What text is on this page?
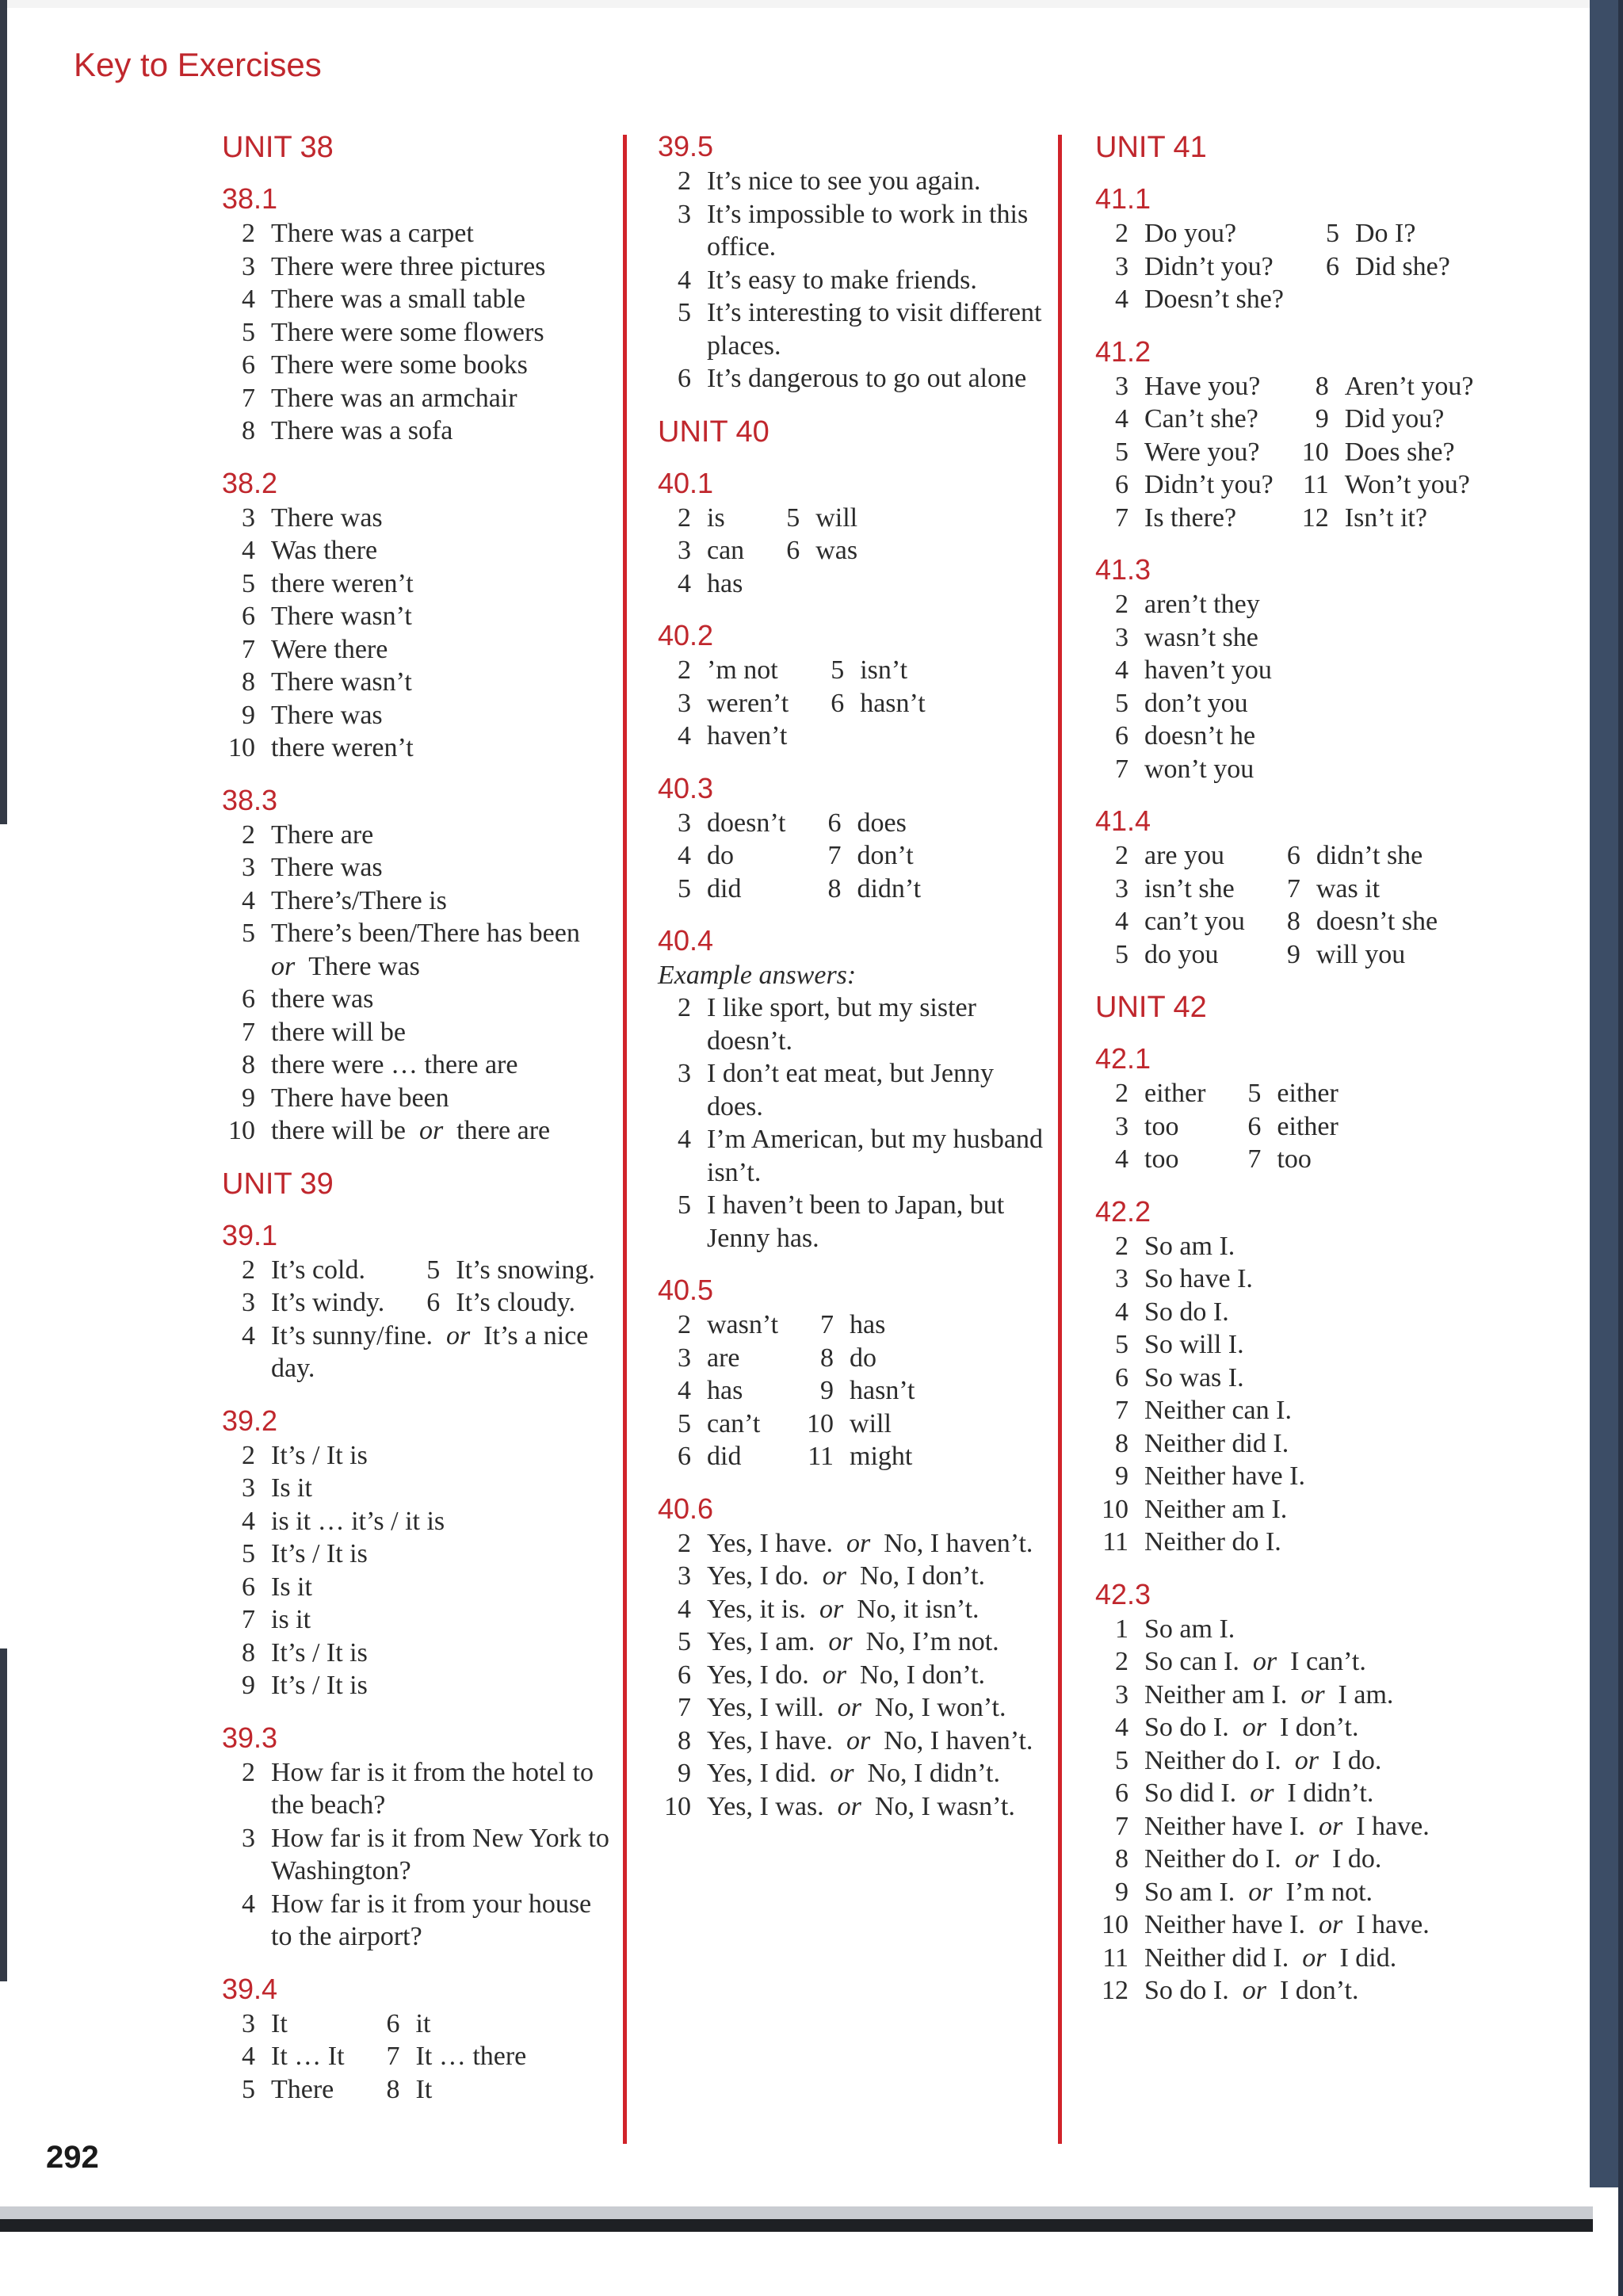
Key to Exercises
UNIT 38
38.1
2 There was a carpet
3 There were three pictures
4 There was a small table
5 There were some flowers
6 There were some books
7 There was an armchair
8 There was a sofa
38.2
3 There was
4 Was there
5 there weren’t
6 There wasn’t
7 Were there
8 There wasn’t
9 There was
10 there weren’t
38.3
2 There are
3 There was
4 There’s/There is
5 There’s been/There has been or  There was
6 there was
7 there will be
8 there were … there are
9 There have been
10 there will be  or  there are
UNIT 39
39.1
2 It’s cold.	5 It’s snowing.
3 It’s windy.	6 It’s cloudy.
4 It’s sunny/fine.  or  It’s a nice day.
39.2
2 It’s / It is
3 Is it
4 is it … it’s / it is
5 It’s / It is
6 Is it
7 is it
8 It’s / It is
9 It’s / It is
39.3
2 How far is it from the hotel to the beach?
3 How far is it from New York to Washington?
4 How far is it from your house to the airport?
39.4
3 It	6 it
4 It … It	7 It … there
5 There	8 It
39.5
2 It’s nice to see you again.
3 It’s impossible to work in this office.
4 It’s easy to make friends.
5 It’s interesting to visit different places.
6 It’s dangerous to go out alone
UNIT 40
40.1
2 is	5 will
3 can	6 was
4 has
40.2
2 ’m not	5 isn’t
3 weren’t	6 hasn’t
4 haven’t
40.3
3 doesn’t	6 does
4 do	7 don’t
5 did	8 didn’t
40.4
Example answers:
2 I like sport, but my sister doesn’t.
3 I don’t eat meat, but Jenny does.
4 I’m American, but my husband isn’t.
5 I haven’t been to Japan, but Jenny has.
40.5
2 wasn’t	7 has
3 are	8 do
4 has	9 hasn’t
5 can’t	10 will
6 did	11 might
40.6
2 Yes, I have.  or  No, I haven’t.
3 Yes, I do.  or  No, I don’t.
4 Yes, it is.  or  No, it isn’t.
5 Yes, I am.  or  No, I’m not.
6 Yes, I do.  or  No, I don’t.
7 Yes, I will.  or  No, I won’t.
8 Yes, I have.  or  No, I haven’t.
9 Yes, I did.  or  No, I didn’t.
10 Yes, I was.  or  No, I wasn’t.
UNIT 41
41.1
2 Do you?	5 Do I?
3 Didn’t you?	6 Did she?
4 Doesn’t she?
41.2
3 Have you?	8 Aren’t you?
4 Can’t she?	9 Did you?
5 Were you?	10 Does she?
6 Didn’t you? 11 Won’t you?
7 Is there?	12 Isn’t it?
41.3
2 aren’t they
3 wasn’t she
4 haven’t you
5 don’t you
6 doesn’t he
7 won’t you
41.4
2 are you	6 didn’t she
3 isn’t she	7 was it
4 can’t you	8 doesn’t she
5 do you	9 will you
UNIT 42
42.1
2 either	5 either
3 too	6 either
4 too	7 too
42.2
2 So am I.
3 So have I.
4 So do I.
5 So will I.
6 So was I.
7 Neither can I.
8 Neither did I.
9 Neither have I.
10 Neither am I.
11 Neither do I.
42.3
1 So am I.
2 So can I.  or  I can’t.
3 Neither am I.  or  I am.
4 So do I.  or  I don’t.
5 Neither do I.  or  I do.
6 So did I.  or  I didn’t.
7 Neither have I.  or  I have.
8 Neither do I.  or  I do.
9 So am I.  or  I’m not.
10 Neither have I.  or  I have.
11 Neither did I.  or  I did.
12 So do I.  or  I don’t.
292
